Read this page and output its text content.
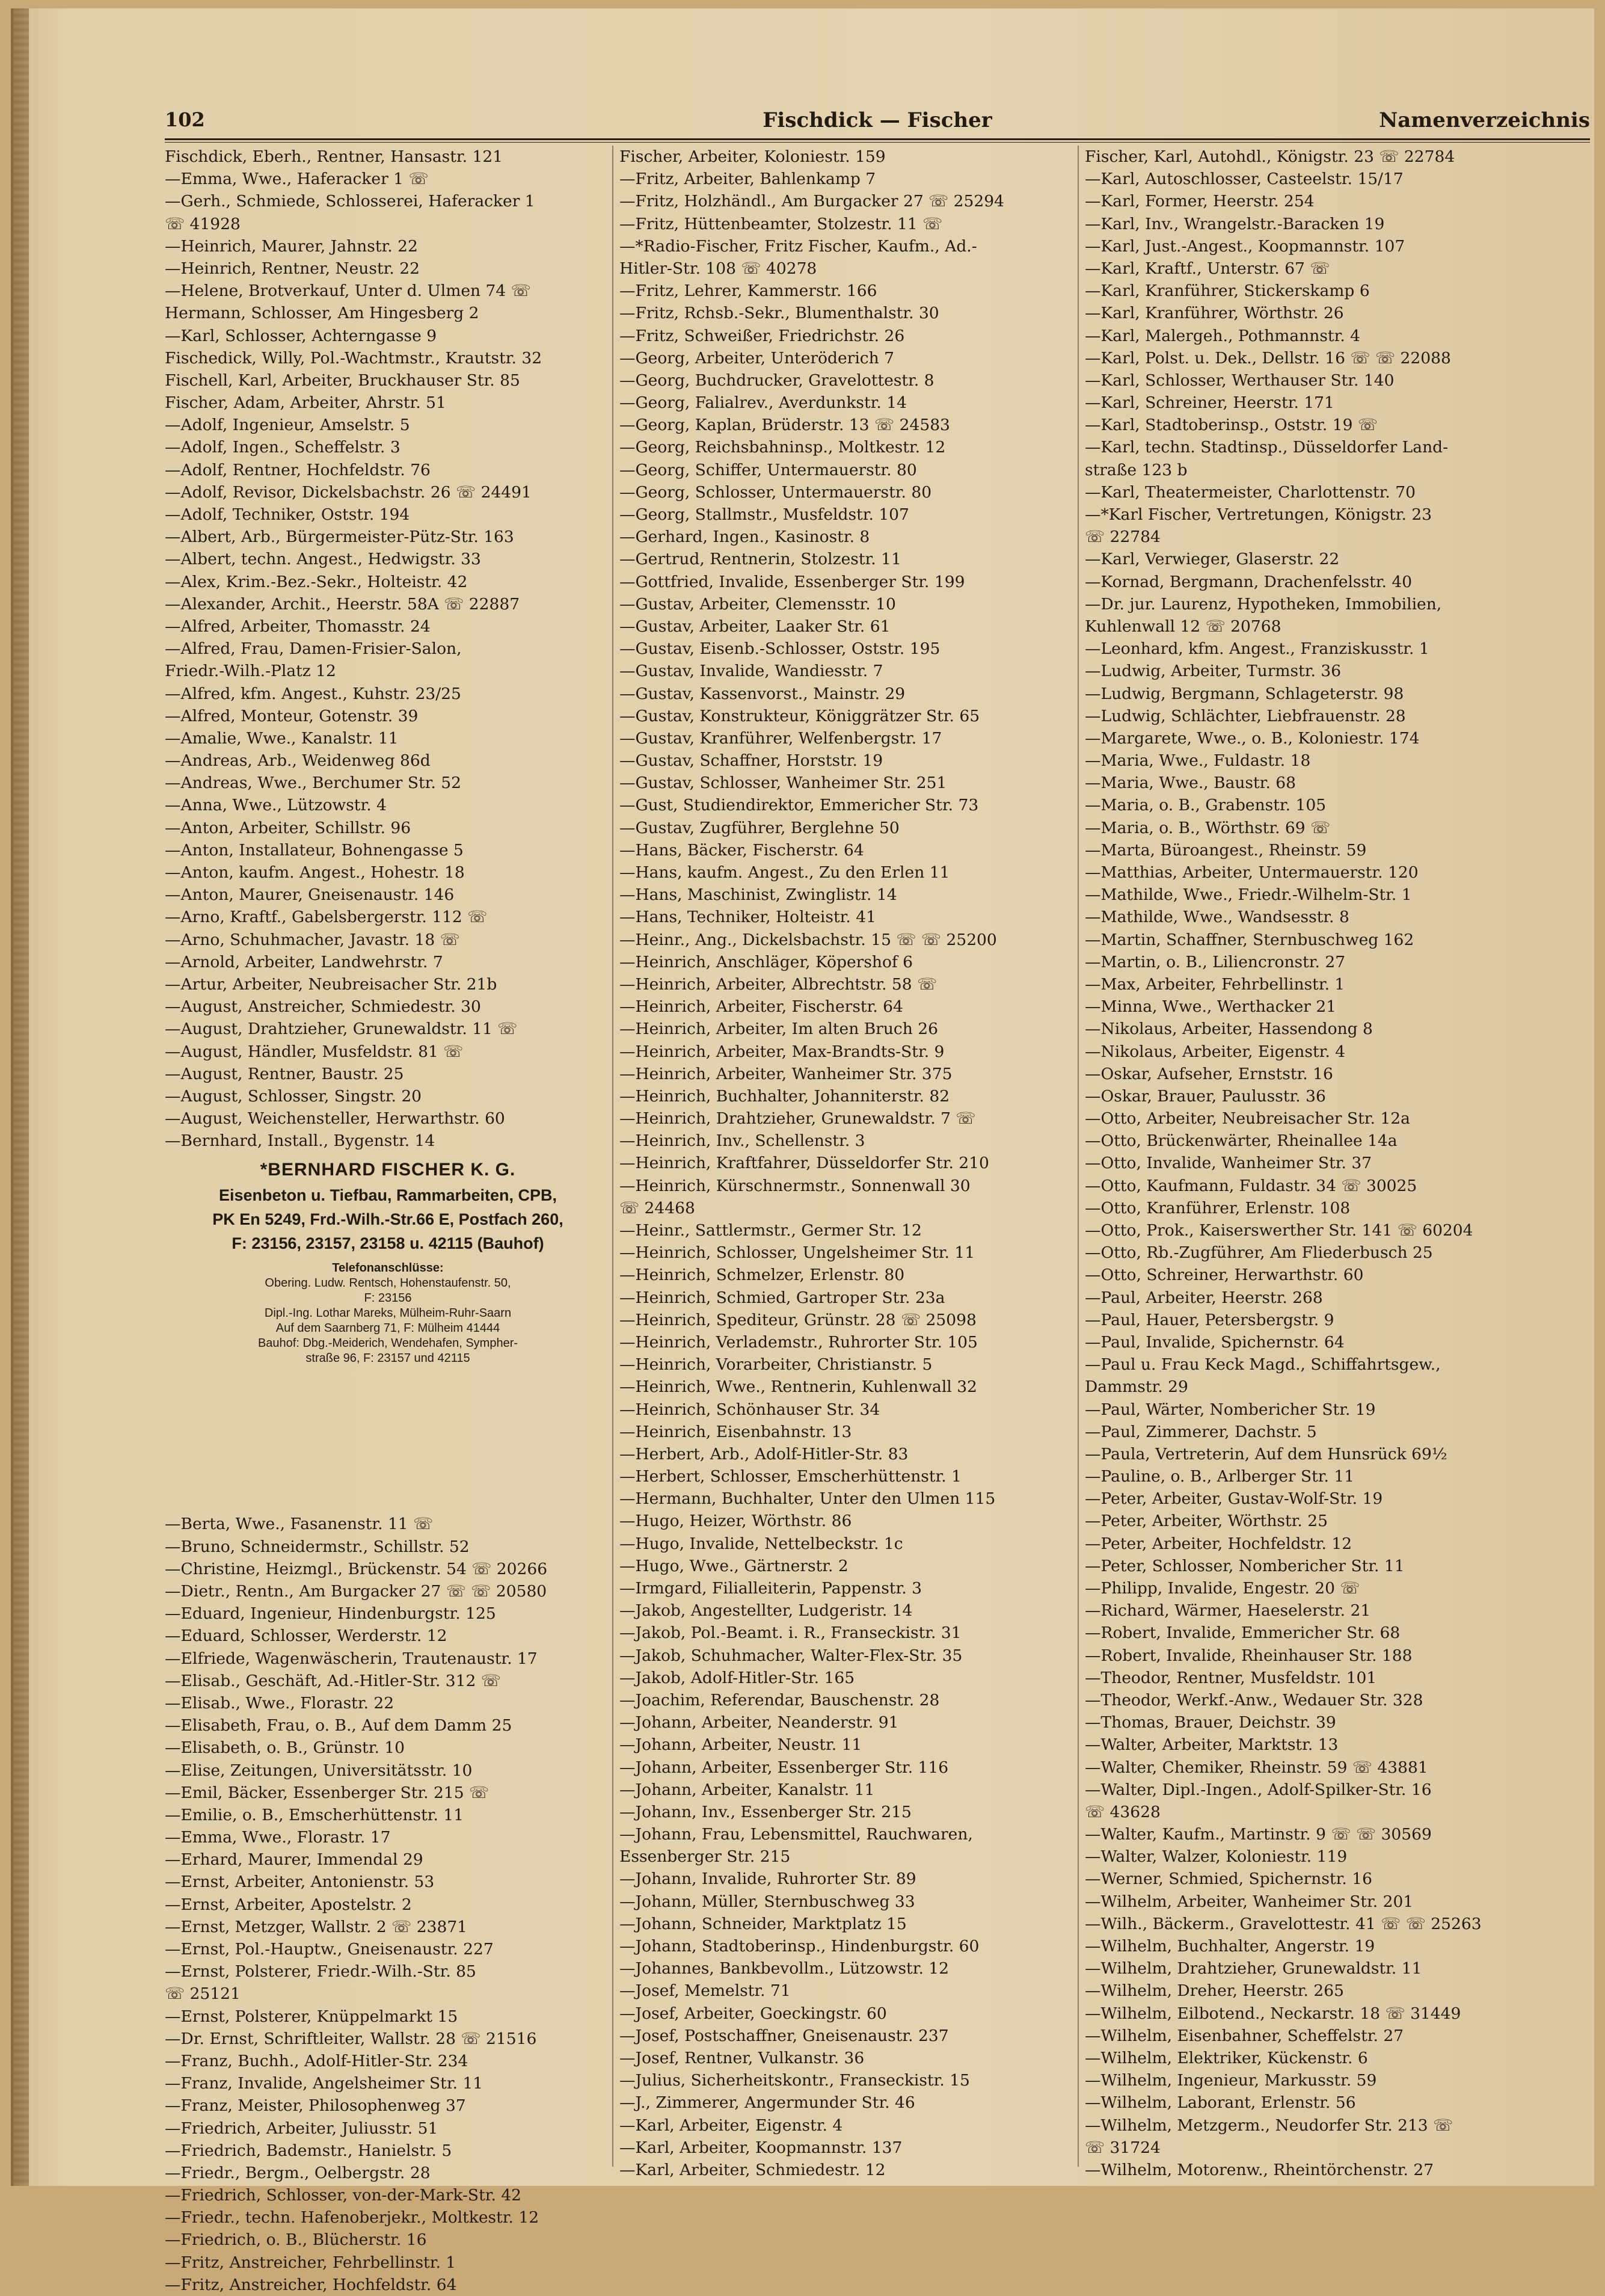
102	Fischdick — Fischer	Namenverzeichnis
Fischdick, Eberh., Rentner, Hansastr. 121
—Emma, Wwe., Haferacker 1 ☏
—Gerh., Schmiede, Schlosserei, Haferacker 1
☏ 41928
—Heinrich, Maurer, Jahnstr. 22
—Heinrich, Rentner, Neustr. 22
—Helene, Brotverkauf, Unter d. Ulmen 74 ☏
Hermann, Schlosser, Am Hingesberg 2
—Karl, Schlosser, Achterngasse 9
Fischedick, Willy, Pol.-Wachtmstr., Krautstr. 32
Fischell, Karl, Arbeiter, Bruckhauser Str. 85
Fischer, Adam, Arbeiter, Ahrstr. 51
—Adolf, Ingenieur, Amselstr. 5
—Adolf, Ingen., Scheffelstr. 3
—Adolf, Rentner, Hochfeldstr. 76
—Adolf, Revisor, Dickelsbachstr. 26 ☏ 24491
—Adolf, Techniker, Oststr. 194
—Albert, Arb., Bürgermeister-Pütz-Str. 163
—Albert, techn. Angest., Hedwigstr. 33
—Alex, Krim.-Bez.-Sekr., Holteistr. 42
—Alexander, Archit., Heerstr. 58A ☏ 22887
—Alfred, Arbeiter, Thomasstr. 24
—Alfred, Frau, Damen-Frisier-Salon,
Friedr.-Wilh.-Platz 12
—Alfred, kfm. Angest., Kuhstr. 23/25
—Alfred, Monteur, Gotenstr. 39
—Amalie, Wwe., Kanalstr. 11
—Andreas, Arb., Weidenweg 86d
—Andreas, Wwe., Berchumer Str. 52
—Anna, Wwe., Lützowstr. 4
—Anton, Arbeiter, Schillstr. 96
—Anton, Installateur, Bohnengasse 5
—Anton, kaufm. Angest., Hohestr. 18
—Anton, Maurer, Gneisenaustr. 146
—Arno, Kraftf., Gabelsbergerstr. 112 ☏
—Arno, Schuhmacher, Javastr. 18 ☏
—Arnold, Arbeiter, Landwehrstr. 7
—Artur, Arbeiter, Neubreisacher Str. 21b
—August, Anstreicher, Schmiedestr. 30
—August, Drahtzieher, Grunewaldstr. 11 ☏
—August, Händler, Musfeldstr. 81 ☏
—August, Rentner, Baustr. 25
—August, Schlosser, Singstr. 20
—August, Weichensteller, Herwarthstr. 60
—Bernhard, Install., Bygenstr. 14
*BERNHARD FISCHER K. G.
Eisenbeton u. Tiefbau, Rammarbeiten, CPB,
PK En 5249, Frd.-Wilh.-Str.66 E, Postfach 260,
F: 23156, 23157, 23158 u. 42115 (Bauhof)
Telefonanschlüsse:
Obering. Ludw. Rentsch, Hohenstaufenstr. 50,
F: 23156
Dipl.-Ing. Lothar Mareks, Mülheim-Ruhr-Saarn
Auf dem Saarnberg 71, F: Mülheim 41444
Bauhof: Dbg.-Meiderich, Wendehafen, Sympher-
straße 96, F: 23157 und 42115
—Berta, Wwe., Fasanenstr. 11 ☏
—Bruno, Schneidermstr., Schillstr. 52
—Christine, Heizmgl., Brückenstr. 54 ☏ 20266
—Dietr., Rentn., Am Burgacker 27 ☏ ☏ 20580
—Eduard, Ingenieur, Hindenburgstr. 125
—Eduard, Schlosser, Werderstr. 12
—Elfriede, Wagenwäscherin, Trautenaustr. 17
—Elisab., Geschäft, Ad.-Hitler-Str. 312 ☏
—Elisab., Wwe., Florastr. 22
—Elisabeth, Frau, o. B., Auf dem Damm 25
—Elisabeth, o. B., Grünstr. 10
—Elise, Zeitungen, Universitätsstr. 10
—Emil, Bäcker, Essenberger Str. 215 ☏
—Emilie, o. B., Emscherhüttenstr. 11
—Emma, Wwe., Florastr. 17
—Erhard, Maurer, Immendal 29
—Ernst, Arbeiter, Antonienstr. 53
—Ernst, Arbeiter, Apostelstr. 2
—Ernst, Metzger, Wallstr. 2 ☏ 23871
—Ernst, Pol.-Hauptw., Gneisenaustr. 227
—Ernst, Polsterer, Friedr.-Wilh.-Str. 85
☏ 25121
—Ernst, Polsterer, Knüppelmarkt 15
—Dr. Ernst, Schriftleiter, Wallstr. 28 ☏ 21516
—Franz, Buchh., Adolf-Hitler-Str. 234
—Franz, Invalide, Angelsheimer Str. 11
—Franz, Meister, Philosophenweg 37
—Friedrich, Arbeiter, Juliusstr. 51
—Friedrich, Bademstr., Hanielstr. 5
—Friedr., Bergm., Oelbergstr. 28
—Friedrich, Schlosser, von-der-Mark-Str. 42
—Friedr., techn. Hafenoberjekr., Moltkestr. 12
—Friedrich, o. B., Blücherstr. 16
—Fritz, Anstreicher, Fehrbellinstr. 1
—Fritz, Anstreicher, Hochfeldstr. 64
Fischer, Arbeiter, Koloniestr. 159
—Fritz, Arbeiter, Bahlenkamp 7
—Fritz, Holzhändl., Am Burgacker 27 ☏ 25294
—Fritz, Hüttenbeamter, Stolzestr. 11 ☏
—*Radio-Fischer, Fritz Fischer, Kaufm., Ad.-
Hitler-Str. 108 ☏ 40278
—Fritz, Lehrer, Kammerstr. 166
—Fritz, Rchsb.-Sekr., Blumenthalstr. 30
—Fritz, Schweißer, Friedrichstr. 26
—Georg, Arbeiter, Unteröderich 7
—Georg, Buchdrucker, Gravelottestr. 8
—Georg, Falialrev., Averdunkstr. 14
—Georg, Kaplan, Brüderstr. 13 ☏ 24583
—Georg, Reichsbahninsp., Moltkestr. 12
—Georg, Schiffer, Untermauerstr. 80
—Georg, Schlosser, Untermauerstr. 80
—Georg, Stallmstr., Musfeldstr. 107
—Gerhard, Ingen., Kasinostr. 8
—Gertrud, Rentnerin, Stolzestr. 11
—Gottfried, Invalide, Essenberger Str. 199
—Gustav, Arbeiter, Clemensstr. 10
—Gustav, Arbeiter, Laaker Str. 61
—Gustav, Eisenb.-Schlosser, Oststr. 195
—Gustav, Invalide, Wandiesstr. 7
—Gustav, Kassenvorst., Mainstr. 29
—Gustav, Konstrukteur, Königgrätzer Str. 65
—Gustav, Kranführer, Welfenbergstr. 17
—Gustav, Schaffner, Horststr. 19
—Gustav, Schlosser, Wanheimer Str. 251
—Gust, Studiendirektor, Emmericher Str. 73
—Gustav, Zugführer, Berglehne 50
—Hans, Bäcker, Fischerstr. 64
—Hans, kaufm. Angest., Zu den Erlen 11
—Hans, Maschinist, Zwinglistr. 14
—Hans, Techniker, Holteistr. 41
—Heinr., Ang., Dickelsbachstr. 15 ☏ ☏ 25200
—Heinrich, Anschläger, Köpershof 6
—Heinrich, Arbeiter, Albrechtstr. 58 ☏
—Heinrich, Arbeiter, Fischerstr. 64
—Heinrich, Arbeiter, Im alten Bruch 26
—Heinrich, Arbeiter, Max-Brandts-Str. 9
—Heinrich, Arbeiter, Wanheimer Str. 375
—Heinrich, Buchhalter, Johanniterstr. 82
—Heinrich, Drahtzieher, Grunewaldstr. 7 ☏
—Heinrich, Inv., Schellenstr. 3
—Heinrich, Kraftfahrer, Düsseldorfer Str. 210
—Heinrich, Kürschnermstr., Sonnenwall 30
☏ 24468
—Heinr., Sattlermstr., Germer Str. 12
—Heinrich, Schlosser, Ungelsheimer Str. 11
—Heinrich, Schmelzer, Erlenstr. 80
—Heinrich, Schmied, Gartroper Str. 23a
—Heinrich, Spediteur, Grünstr. 28 ☏ 25098
—Heinrich, Verlademstr., Ruhrorter Str. 105
—Heinrich, Vorarbeiter, Christianstr. 5
—Heinrich, Wwe., Rentnerin, Kuhlenwall 32
—Heinrich, Schönhauser Str. 34
—Heinrich, Eisenbahnstr. 13
—Herbert, Arb., Adolf-Hitler-Str. 83
—Herbert, Schlosser, Emscherhüttenstr. 1
—Hermann, Buchhalter, Unter den Ulmen 115
—Hugo, Heizer, Wörthstr. 86
—Hugo, Invalide, Nettelbeckstr. 1c
—Hugo, Wwe., Gärtnerstr. 2
—Irmgard, Filialleiterin, Pappenstr. 3
—Jakob, Angestellter, Ludgeristr. 14
—Jakob, Pol.-Beamt. i. R., Franseckistr. 31
—Jakob, Schuhmacher, Walter-Flex-Str. 35
—Jakob, Adolf-Hitler-Str. 165
—Joachim, Referendar, Bauschenstr. 28
—Johann, Arbeiter, Neanderstr. 91
—Johann, Arbeiter, Neustr. 11
—Johann, Arbeiter, Essenberger Str. 116
—Johann, Arbeiter, Kanalstr. 11
—Johann, Inv., Essenberger Str. 215
—Johann, Frau, Lebensmittel, Rauchwaren,
Essenberger Str. 215
—Johann, Invalide, Ruhrorter Str. 89
—Johann, Müller, Sternbuschweg 33
—Johann, Schneider, Marktplatz 15
—Johann, Stadtoberinsp., Hindenburgstr. 60
—Johannes, Bankbevollm., Lützowstr. 12
—Josef, Memelstr. 71
—Josef, Arbeiter, Goeckingstr. 60
—Josef, Postschaffner, Gneisenaustr. 237
—Josef, Rentner, Vulkanstr. 36
—Julius, Sicherheitskontr., Franseckistr. 15
—J., Zimmerer, Angermunder Str. 46
—Karl, Arbeiter, Eigenstr. 4
—Karl, Arbeiter, Koopmannstr. 137
—Karl, Arbeiter, Schmiedestr. 12
Fischer, Karl, Autohdl., Königstr. 23 ☏ 22784
—Karl, Autoschlosser, Casteelstr. 15/17
—Karl, Former, Heerstr. 254
—Karl, Inv., Wrangelstr.-Baracken 19
—Karl, Just.-Angest., Koopmannstr. 107
—Karl, Kraftf., Unterstr. 67 ☏
—Karl, Kranführer, Stickerskamp 6
—Karl, Kranführer, Wörthstr. 26
—Karl, Malergeh., Pothmannstr. 4
—Karl, Polst. u. Dek., Dellstr. 16 ☏ ☏ 22088
—Karl, Schlosser, Werthauser Str. 140
—Karl, Schreiner, Heerstr. 171
—Karl, Stadtoberinsp., Oststr. 19 ☏
—Karl, techn. Stadtinsp., Düsseldorfer Land-
straße 123 b
—Karl, Theatermeister, Charlottenstr. 70
—*Karl Fischer, Vertretungen, Königstr. 23
☏ 22784
—Karl, Verwieger, Glaserstr. 22
—Kornad, Bergmann, Drachenfelsstr. 40
—Dr. jur. Laurenz, Hypotheken, Immobilien,
Kuhlenwall 12 ☏ 20768
—Leonhard, kfm. Angest., Franziskusstr. 1
—Ludwig, Arbeiter, Turmstr. 36
—Ludwig, Bergmann, Schlageterstr. 98
—Ludwig, Schlächter, Liebfrauenstr. 28
—Margarete, Wwe., o. B., Koloniestr. 174
—Maria, Wwe., Fuldastr. 18
—Maria, Wwe., Baustr. 68
—Maria, o. B., Grabenstr. 105
—Maria, o. B., Wörthstr. 69 ☏
—Marta, Büroangest., Rheinstr. 59
—Matthias, Arbeiter, Untermauerstr. 120
—Mathilde, Wwe., Friedr.-Wilhelm-Str. 1
—Mathilde, Wwe., Wandsesstr. 8
—Martin, Schaffner, Sternbuschweg 162
—Martin, o. B., Liliencronstr. 27
—Max, Arbeiter, Fehrbellinstr. 1
—Minna, Wwe., Werthacker 21
—Nikolaus, Arbeiter, Hassendong 8
—Nikolaus, Arbeiter, Eigenstr. 4
—Oskar, Aufseher, Ernststr. 16
—Oskar, Brauer, Paulusstr. 36
—Otto, Arbeiter, Neubreisacher Str. 12a
—Otto, Brückenwärter, Rheinallee 14a
—Otto, Invalide, Wanheimer Str. 37
—Otto, Kaufmann, Fuldastr. 34 ☏ 30025
—Otto, Kranführer, Erlenstr. 108
—Otto, Prok., Kaiserswerther Str. 141 ☏ 60204
—Otto, Rb.-Zugführer, Am Fliederbusch 25
—Otto, Schreiner, Herwarthstr. 60
—Paul, Arbeiter, Heerstr. 268
—Paul, Hauer, Petersbergstr. 9
—Paul, Invalide, Spichernstr. 64
—Paul u. Frau Keck Magd., Schiffahrtsgew.,
Dammstr. 29
—Paul, Wärter, Nombericher Str. 19
—Paul, Zimmerer, Dachstr. 5
—Paula, Vertreterin, Auf dem Hunsrück 69½
—Pauline, o. B., Arlberger Str. 11
—Peter, Arbeiter, Gustav-Wolf-Str. 19
—Peter, Arbeiter, Wörthstr. 25
—Peter, Arbeiter, Hochfeldstr. 12
—Peter, Schlosser, Nombericher Str. 11
—Philipp, Invalide, Engestr. 20 ☏
—Richard, Wärmer, Haeselerstr. 21
—Robert, Invalide, Emmericher Str. 68
—Robert, Invalide, Rheinhauser Str. 188
—Theodor, Rentner, Musfeldstr. 101
—Theodor, Werkf.-Anw., Wedauer Str. 328
—Thomas, Brauer, Deichstr. 39
—Walter, Arbeiter, Marktstr. 13
—Walter, Chemiker, Rheinstr. 59 ☏ 43881
—Walter, Dipl.-Ingen., Adolf-Spilker-Str. 16
☏ 43628
—Walter, Kaufm., Martinstr. 9 ☏ ☏ 30569
—Walter, Walzer, Koloniestr. 119
—Werner, Schmied, Spichernstr. 16
—Wilhelm, Arbeiter, Wanheimer Str. 201
—Wilh., Bäckerm., Gravelottestr. 41 ☏ ☏ 25263
—Wilhelm, Buchhalter, Angerstr. 19
—Wilhelm, Drahtzieher, Grunewaldstr. 11
—Wilhelm, Dreher, Heerstr. 265
—Wilhelm, Eilbotend., Neckarstr. 18 ☏ 31449
—Wilhelm, Eisenbahner, Scheffelstr. 27
—Wilhelm, Elektriker, Kückenstr. 6
—Wilhelm, Ingenieur, Markusstr. 59
—Wilhelm, Laborant, Erlenstr. 56
—Wilhelm, Metzgerm., Neudorfer Str. 213 ☏
☏ 31724
—Wilhelm, Motorenw., Rheintörchenstr. 27
